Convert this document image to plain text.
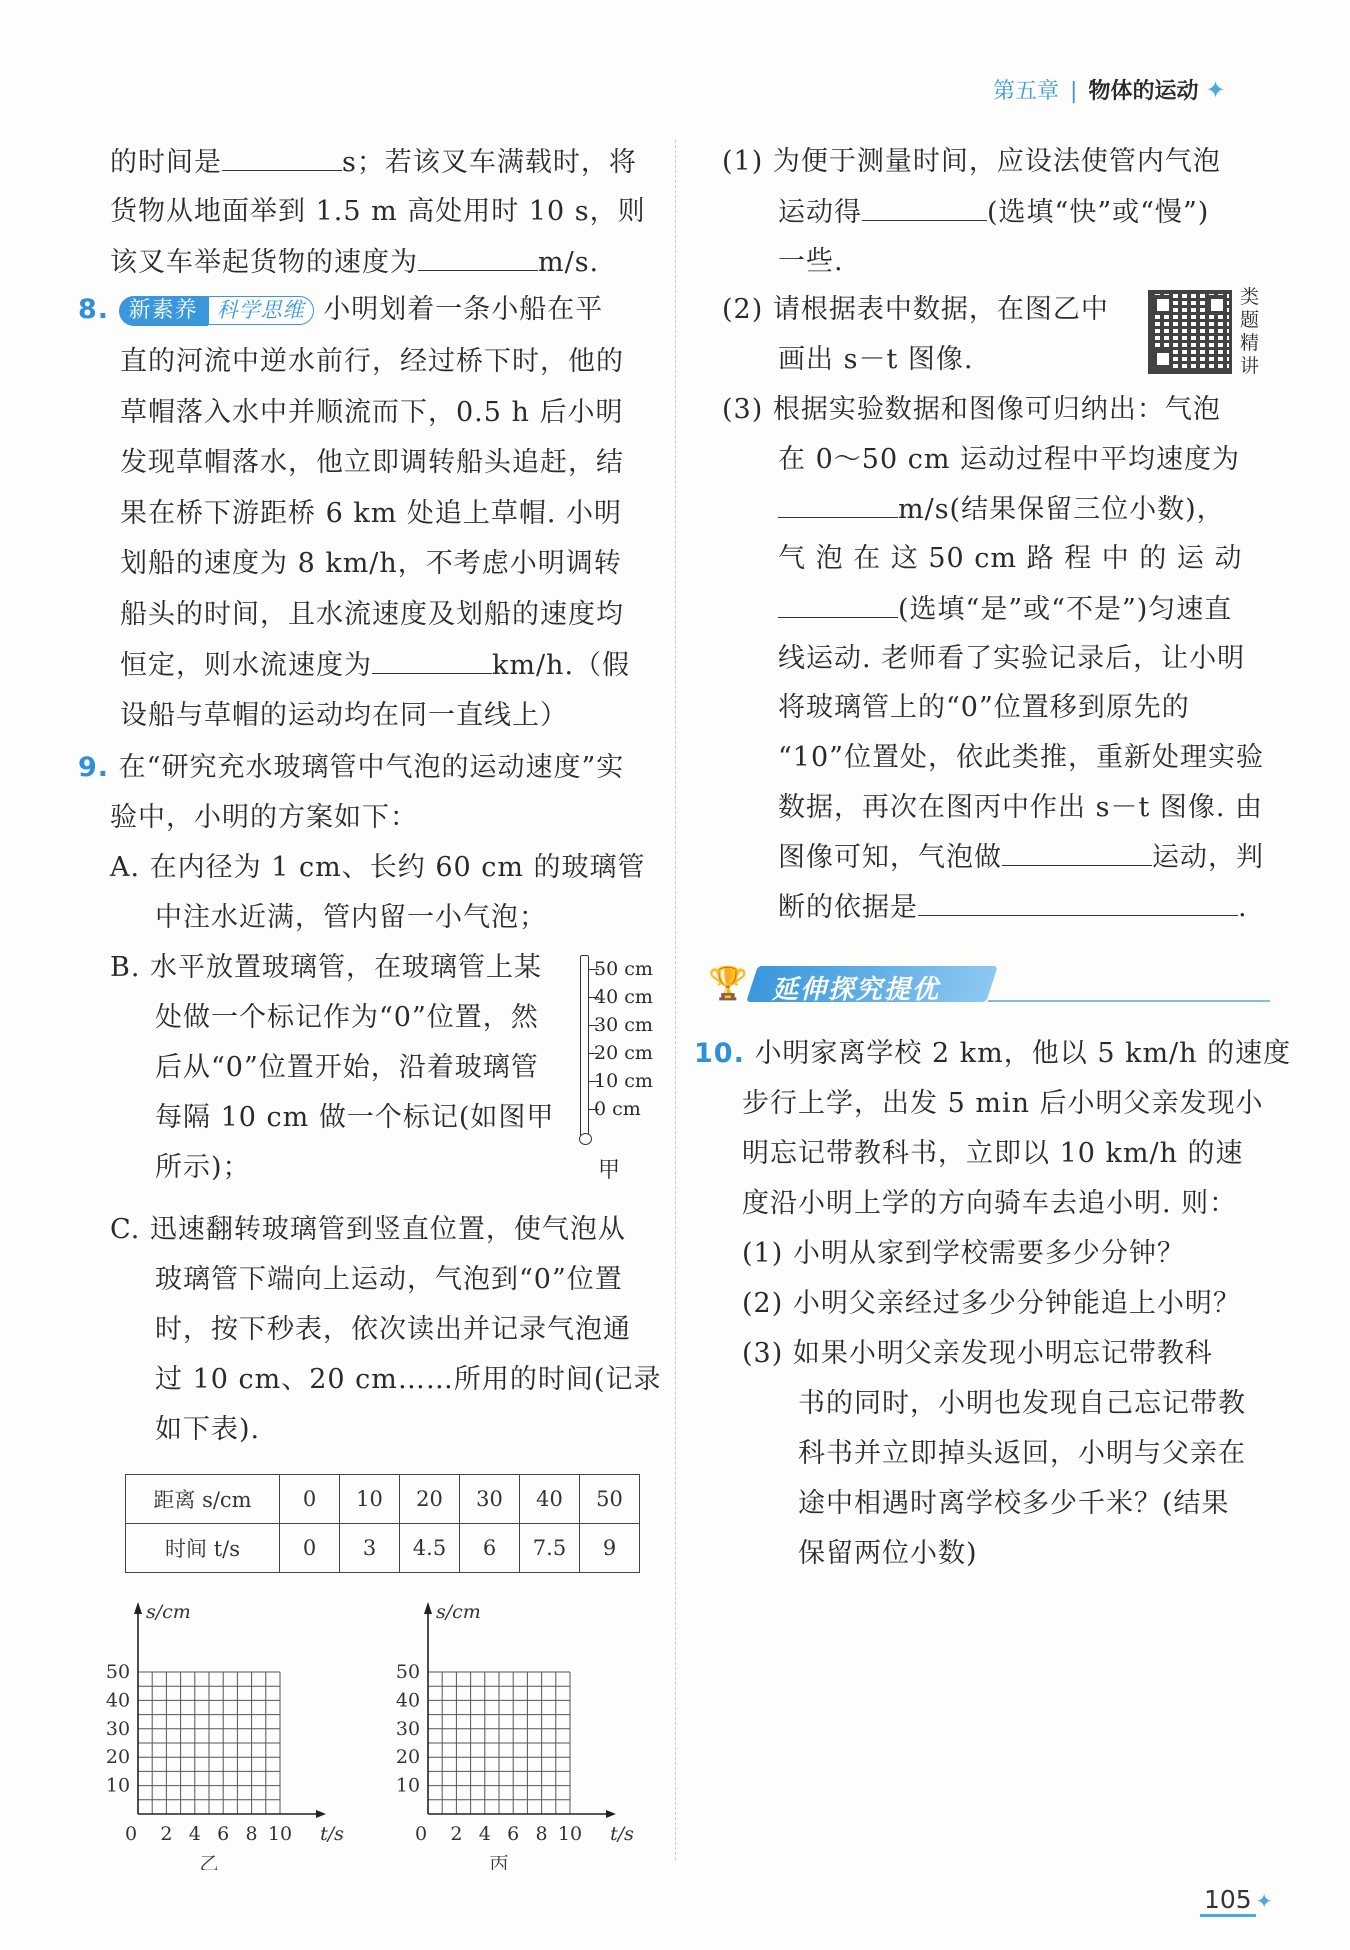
第五章 | 物体的运动 ✦
的时间是	s；若该叉车满载时，将
货物从地面举到 1.5 m 高处用时 10 s，则
该叉车举起货物的速度为	m/s.
8. 新素养 科学思维 小明划着一条小船在平
直的河流中逆水前行，经过桥下时，他的
草帽落入水中并顺流而下，0.5 h 后小明
发现草帽落水，他立即调转船头追赶，结
果在桥下游距桥 6 km 处追上草帽. 小明
划船的速度为 8 km/h，不考虑小明调转
船头的时间，且水流速度及划船的速度均
恒定，则水流速度为	km/h.（假
设船与草帽的运动均在同一直线上）
9. 在“研究充水玻璃管中气泡的运动速度”实
验中，小明的方案如下：
A. 在内径为 1 cm、长约 60 cm 的玻璃管
中注水近满，管内留一小气泡；
B. 水平放置玻璃管，在玻璃管上某
处做一个标记作为“0”位置，然
后从“0”位置开始，沿着玻璃管
每隔 10 cm 做一个标记(如图甲
所示)；
C. 迅速翻转玻璃管到竖直位置，使气泡从
玻璃管下端向上运动，气泡到“0”位置
时，按下秒表，依次读出并记录气泡通
过 10 cm、20 cm……所用的时间(记录
如下表).
50 cm
40 cm
30 cm
20 cm
10 cm
0 cm
甲
距离 s/cm	0	10	20	30	40	50
时间 t/s	0	3	4.5	6	7.5	9
s/cm
50
40
30
20
10
0 2 4 6 8 10 t/s
乙
s/cm
50
40
30
20
10
0 2 4 6 8 10 t/s
丙
(1) 为便于测量时间，应设法使管内气泡
运动得	(选填“快”或“慢”)
一些.
(2) 请根据表中数据，在图乙中
画出 s－t 图像.
类
题
精
讲
(3) 根据实验数据和图像可归纳出：气泡
在 0～50 cm 运动过程中平均速度为
m/s(结果保留三位小数)，
气 泡 在 这 50 cm 路 程 中 的 运 动
(选填“是”或“不是”)匀速直
线运动. 老师看了实验记录后，让小明
将玻璃管上的“0”位置移到原先的
“10”位置处，依此类推，重新处理实验
数据，再次在图丙中作出 s－t 图像. 由
图像可知，气泡做	运动，判
断的依据是	.
🏆 延伸探究提优
10. 小明家离学校 2 km，他以 5 km/h 的速度
步行上学，出发 5 min 后小明父亲发现小
明忘记带教科书，立即以 10 km/h 的速
度沿小明上学的方向骑车去追小明. 则：
(1) 小明从家到学校需要多少分钟？
(2) 小明父亲经过多少分钟能追上小明？
(3) 如果小明父亲发现小明忘记带教科
书的同时，小明也发现自己忘记带教
科书并立即掉头返回，小明与父亲在
途中相遇时离学校多少千米？(结果
保留两位小数)
105 ✦
